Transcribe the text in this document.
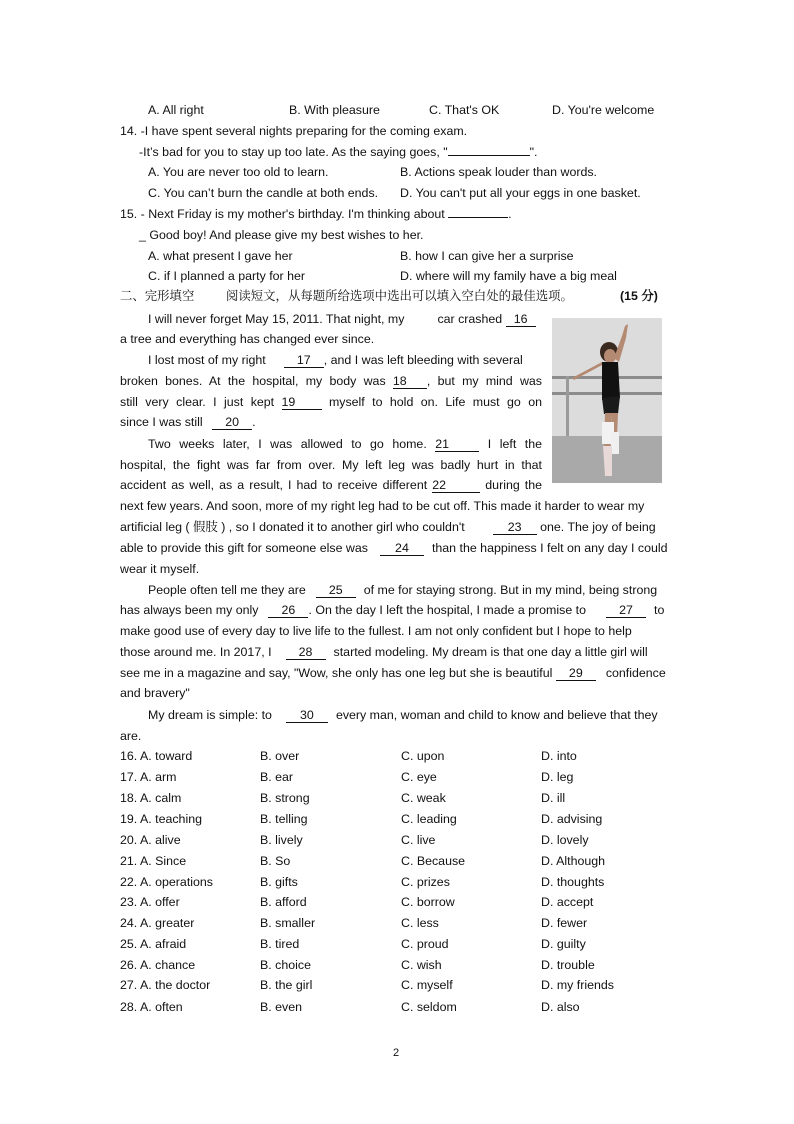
A. All right	B. With pleasure	C. That's OK	D. You're welcome
14. -I have spent several nights preparing for the coming exam.
-It’s bad for you to stay up too late. As the saying goes, "	".
A. You are never too old to learn.	B. Actions speak louder than words.
C. You can’t burn the candle at both ends. D. You can't put all your eggs in one basket.
15. - Next Friday is my mother's birthday. I'm thinking about	.
_ Good boy! And please give my best wishes to her.
A. what present I gave her	B. how I can give her a surprise
C. if I planned a party for her	D. where will my family have a big meal
二、完形填空	阅读短文，从每题所给选项中选出可以填入空白处的最佳选项。	(15 分)
I will never forget May 15, 2011. That night, my	car crashed 16
a tree and everything has changed ever since.
I lost most of my right	17 , and I was left bleeding with several
broken bones. At the hospital, my body was 18 , but my mind was
still very clear. I just kept 19	myself to hold on. Life must go on
since I was still 20 .
Two weeks later, I was allowed to go home. 21	I left the
hospital, the fight was far from over. My left leg was badly hurt in that
accident as well, as a result, I had to receive different 22	during the
next few years. And soon, more of my right leg had to be cut off. This made it harder to wear my
artificial leg ( 假肢 ) , so I donated it to another girl who couldn't	23 one. The joy of being
able to provide this gift for someone else was 24 than the happiness I felt on any day I could
wear it myself.
People often tell me they are 25 of me for staying strong. But in my mind, being strong
has always been my only 26 . On the day I left the hospital, I made a promise to	27 to
make good use of every day to live life to the fullest. I am not only confident but I hope to help
those around me. In 2017, I 28 started modeling. My dream is that one day a little girl will
see me in a magazine and say, "Wow, she only has one leg but she is beautiful 29 confidence
and bravery"
My dream is simple: to 30 every man, woman and child to know and believe that they
are.
16. A. toward	B. over	C. upon	D. into
17. A. arm	B. ear	C. eye	D. leg
18. A. calm	B. strong	C. weak	D. ill
19. A. teaching	B. telling	C. leading	D. advising
20. A. alive	B. lively	C. live	D. lovely
21. A. Since	B. So	C. Because	D. Although
22. A. operations	B. gifts	C. prizes	D. thoughts
23. A. offer	B. afford	C. borrow	D. accept
24. A. greater	B. smaller	C. less	D. fewer
25. A. afraid	B. tired	C. proud	D. guilty
26. A. chance	B. choice	C. wish	D. trouble
27. A. the doctor	B. the girl	C. myself	D. my friends
28. A. often	B. even	C. seldom	D. also
2
